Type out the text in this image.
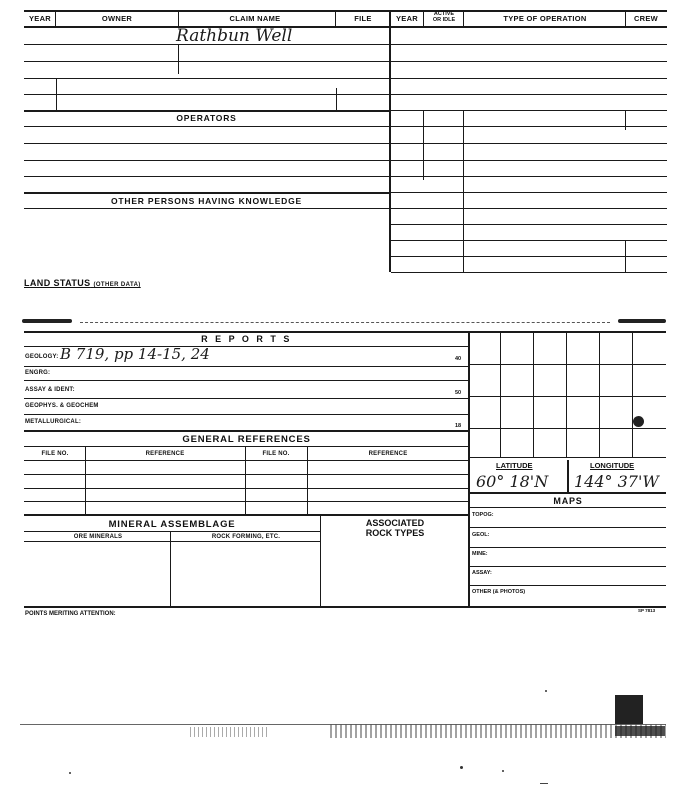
YEAR	OWNER	CLAIM NAME	FILE	YEAR	ACTIVE
OR IDLE	TYPE OF OPERATION	CREW
Rathbun Well
OPERATORS
OTHER PERSONS HAVING KNOWLEDGE
LAND STATUS (OTHER DATA)
R E P O R T S
GEOLOGY: B 719, pp 14-15, 24	40
ENGRG:
ASSAY & IDENT:	50
GEOPHYS. & GEOCHEM
METALLURGICAL:
18
GENERAL REFERENCES
FILE NO.	REFERENCE	FILE NO.	REFERENCE
MINERAL ASSEMBLAGE	ASSOCIATED
ROCK TYPES
ORE MINERALS	ROCK FORMING, ETC.
LATITUDE	LONGITUDE
60° 18'N 144° 37'W
MAPS
TOPOG:
GEOL:
MINE:
ASSAY:
OTHER (& PHOTOS)
POINTS MERITING ATTENTION:
SP 7813
